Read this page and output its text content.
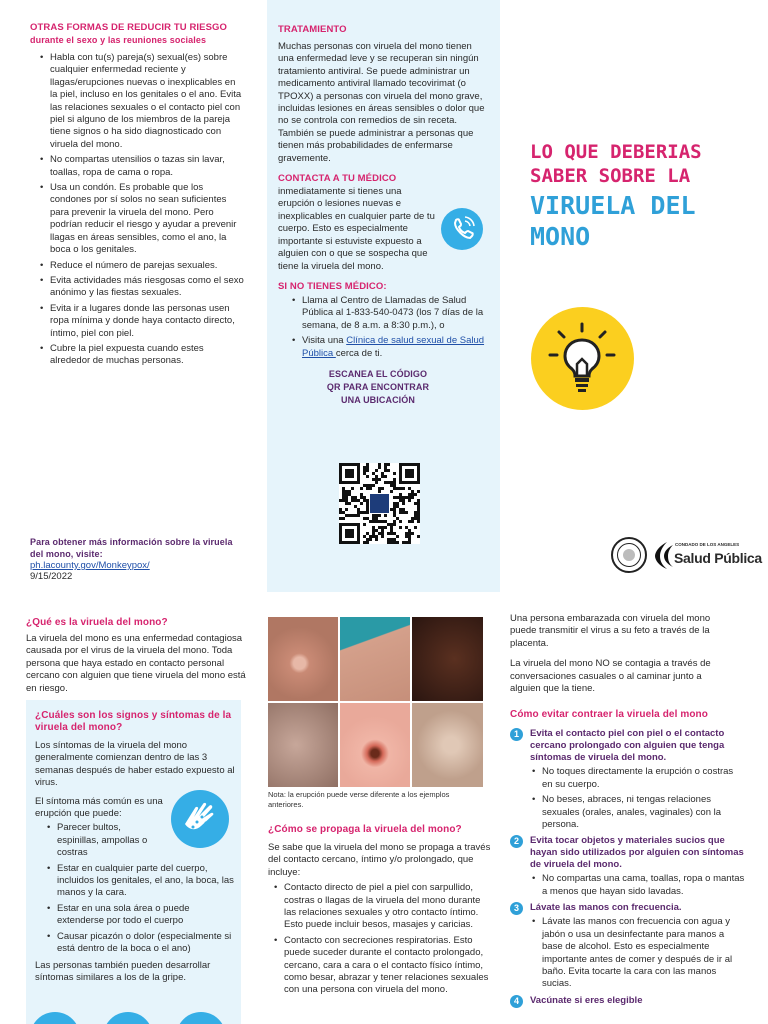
OTRAS FORMAS DE REDUCIR TU RIESGO
durante el sexo y las reuniones sociales
• Habla con tu(s) pareja(s) sexual(es) sobre cualquier enfermedad reciente y llagas/erupciones nuevas o inexplicables en la piel, incluso en los genitales o el ano. Evita las relaciones sexuales o el contacto piel con piel si alguno de los miembros de la pareja tiene signos o ha sido diagnosticado con viruela del mono.
• No compartas utensilios o tazas sin lavar, toallas, ropa de cama o ropa.
• Usa un condón. Es probable que los condones por sí solos no sean suficientes para prevenir la viruela del mono. Pero podrían reducir el riesgo y ayudar a prevenir llagas en áreas sensibles, como el ano, la boca o los genitales.
• Reduce el número de parejas sexuales.
• Evita actividades más riesgosas como el sexo anónimo y las fiestas sexuales.
• Evita ir a lugares donde las personas usen ropa mínima y donde haya contacto directo, íntimo, piel con piel.
• Cubre la piel expuesta cuando estes alrededor de muchas personas.
Para obtener más información sobre la viruela del mono, visite:
ph.lacounty.gov/Monkeypox/
9/15/2022
TRATAMIENTO
Muchas personas con viruela del mono tienen una enfermedad leve y se recuperan sin ningún tratamiento antiviral. Se puede administrar un medicamento antiviral llamado tecovirimat (o TPOXX) a personas con viruela del mono grave, incluidas lesiones en áreas sensibles o dolor que no se controla con remedios de sin receta. También se puede administrar a personas que tienen más probabilidades de enfermarse gravemente.
CONTACTA A TU MÉDICO
inmediatamente si tienes una erupción o lesiones nuevas e inexplicables en cualquier parte de tu cuerpo. Esto es especialmente importante si estuviste expuesto a alguien con o que se sospecha que tiene la viruela del mono.
SI NO TIENES MÉDICO:
• Llama al Centro de Llamadas de Salud Pública al 1-833-540-0473 (los 7 días de la semana, de 8 a.m. a 8:30 p.m.), o
• Visita una Clínica de salud sexual de Salud Pública cerca de ti.
ESCANEA EL CÓDIGO
QR PARA ENCONTRAR
UNA UBICACIÓN
LO QUE DEBERIAS
SABER SOBRE LA
VIRUELA DEL
MONO
CONDADO DE LOS ANGELES
Salud Pública
¿Qué es la viruela del mono?
La viruela del mono es una enfermedad contagiosa causada por el virus de la viruela del mono. Toda persona que haya estado en contacto personal cercano con alguien que tiene viruela del mono está en riesgo.
¿Cuáles son los signos y síntomas de la viruela del mono?
Los síntomas de la viruela del mono generalmente comienzan dentro de las 3 semanas después de haber estado expuesto al virus.
El síntoma más común es una erupción que puede:
• Parecer bultos, espinillas, ampollas o costras
• Estar en cualquier parte del cuerpo, incluidos los genitales, el ano, la boca, las manos y la cara.
• Estar en una sola área o puede extenderse por todo el cuerpo
• Causar picazón o dolor (especialmente si está dentro de la boca o el ano)
Las personas también pueden desarrollar síntomas similares a los de la gripe.
Nota: la erupción puede verse diferente a los ejemplos anteriores.
¿Cómo se propaga la viruela del mono?
Se sabe que la viruela del mono se propaga a través del contacto cercano, íntimo y/o prolongado, que incluye:
• Contacto directo de piel a piel con sarpullido, costras o llagas de la viruela del mono durante las relaciones sexuales y otro contacto íntimo. Esto puede incluir besos, masajes y caricias.
• Contacto con secreciones respiratorias. Esto puede suceder durante el contacto prolongado, cercano, cara a cara o el contacto físico íntimo, como besar, abrazar y tener relaciones sexuales con una persona con viruela del mono.
Una persona embarazada con viruela del mono puede transmitir el virus a su feto a través de la placenta.
La viruela del mono NO se contagia a través de conversaciones casuales o al caminar junto a alguien que la tiene.
Cómo evitar contraer la viruela del mono
1	Evita el contacto piel con piel o el contacto cercano prolongado con alguien que tenga síntomas de viruela del mono.
• No toques directamente la erupción o costras en su cuerpo.
• No beses, abraces, ni tengas relaciones sexuales (orales, anales, vaginales) con la persona.
2	Evita tocar objetos y materiales sucios que hayan sido utilizados por alguien con síntomas de viruela del mono.
• No compartas una cama, toallas, ropa o mantas a menos que hayan sido lavadas.
3	Lávate las manos con frecuencia.
• Lávate las manos con frecuencia con agua y jabón o usa un desinfectante para manos a base de alcohol. Esto es especialmente importante antes de comer y después de ir al baño. Evita tocarte la cara con las manos sucias.
4	Vacúnate si eres elegible
